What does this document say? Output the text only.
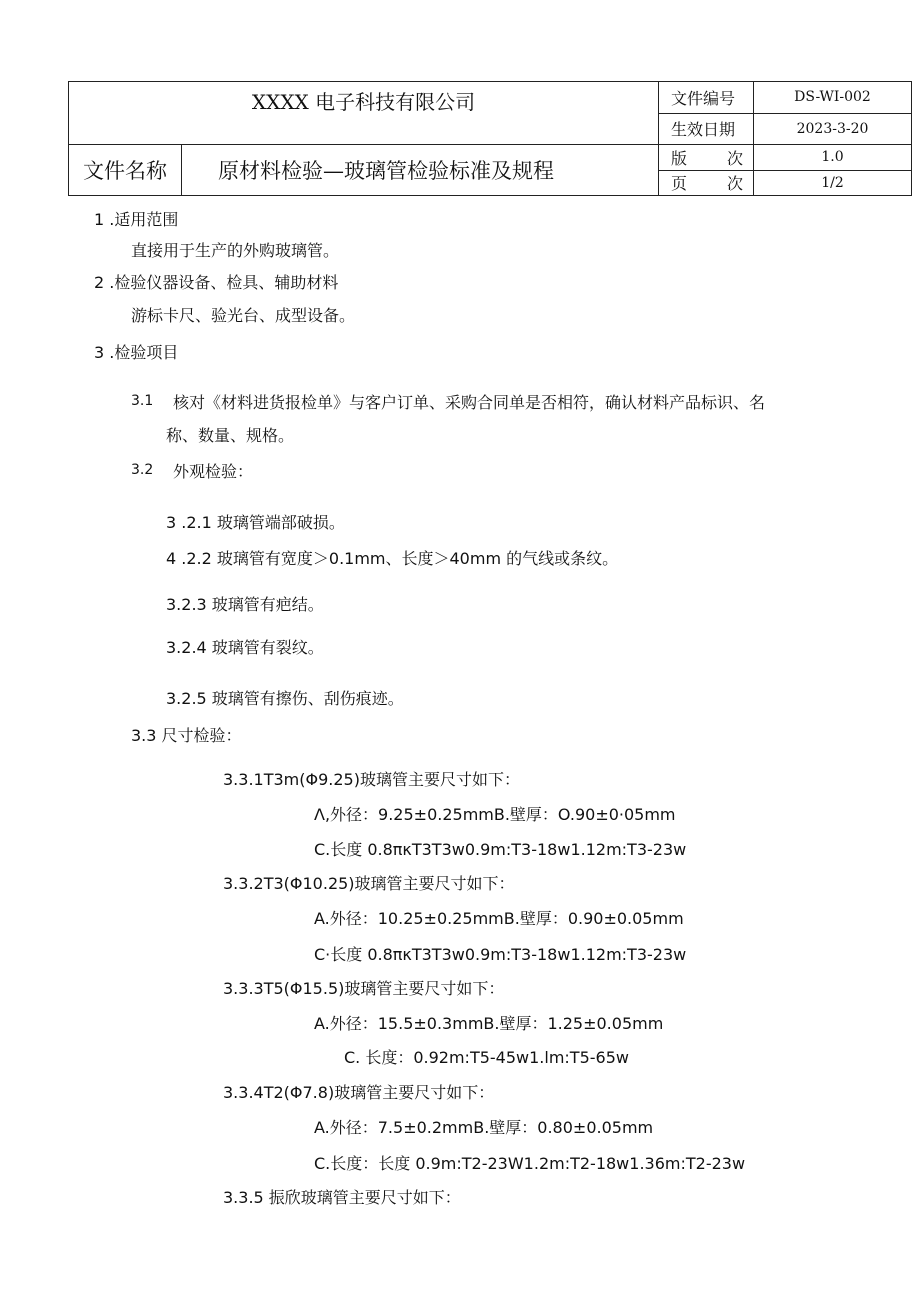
XXXX 电子科技有限公司		文件编号	DS-WI-002
		生效日期	2023-3-20
文件名称	原材料检验—玻璃管检验标准及规程	版 次	1.0

		页 次	1/2
1 .适用范围
直接用于生产的外购玻璃管。
2 .检验仪器设备、检具、辅助材料
游标卡尺、验光台、成型设备。
3 .检验项目
3.1 核对《材料进货报检单》与客户订单、采购合同单是否相符，确认材料产品标识、名
称、数量、规格。
3.2 外观检验：
3 .2.1 玻璃管端部破损。
4 .2.2 玻璃管有宽度＞0.1mm、长度＞40mm 的气线或条纹。
3.2.3 玻璃管有疤结。
3.2.4 玻璃管有裂纹。
3.2.5 玻璃管有擦伤、刮伤痕迹。
3.3 尺寸检验：
3.3.1T3m(Φ9.25)玻璃管主要尺寸如下：
Λ,外径：9.25±0.25mmB.壁厚：O.90±0·05mm
C.长度 0.8πκT3T3w0.9m:T3-18w1.12m:T3-23w
3.3.2T3(Φ10.25)玻璃管主要尺寸如下：
A.外径：10.25±0.25mmB.壁厚：0.90±0.05mm
C·长度 0.8πκT3T3w0.9m:T3-18w1.12m:T3-23w
3.3.3T5(Φ15.5)玻璃管主要尺寸如下：
A.外径：15.5±0.3mmB.壁厚：1.25±0.05mm
C. 长度：0.92m:T5-45w1.lm:T5-65w
3.3.4T2(Φ7.8)玻璃管主要尺寸如下：
A.外径：7.5±0.2mmB.壁厚：0.80±0.05mm
C.长度：长度 0.9m:T2-23W1.2m:T2-18w1.36m:T2-23w
3.3.5 振欣玻璃管主要尺寸如下：
